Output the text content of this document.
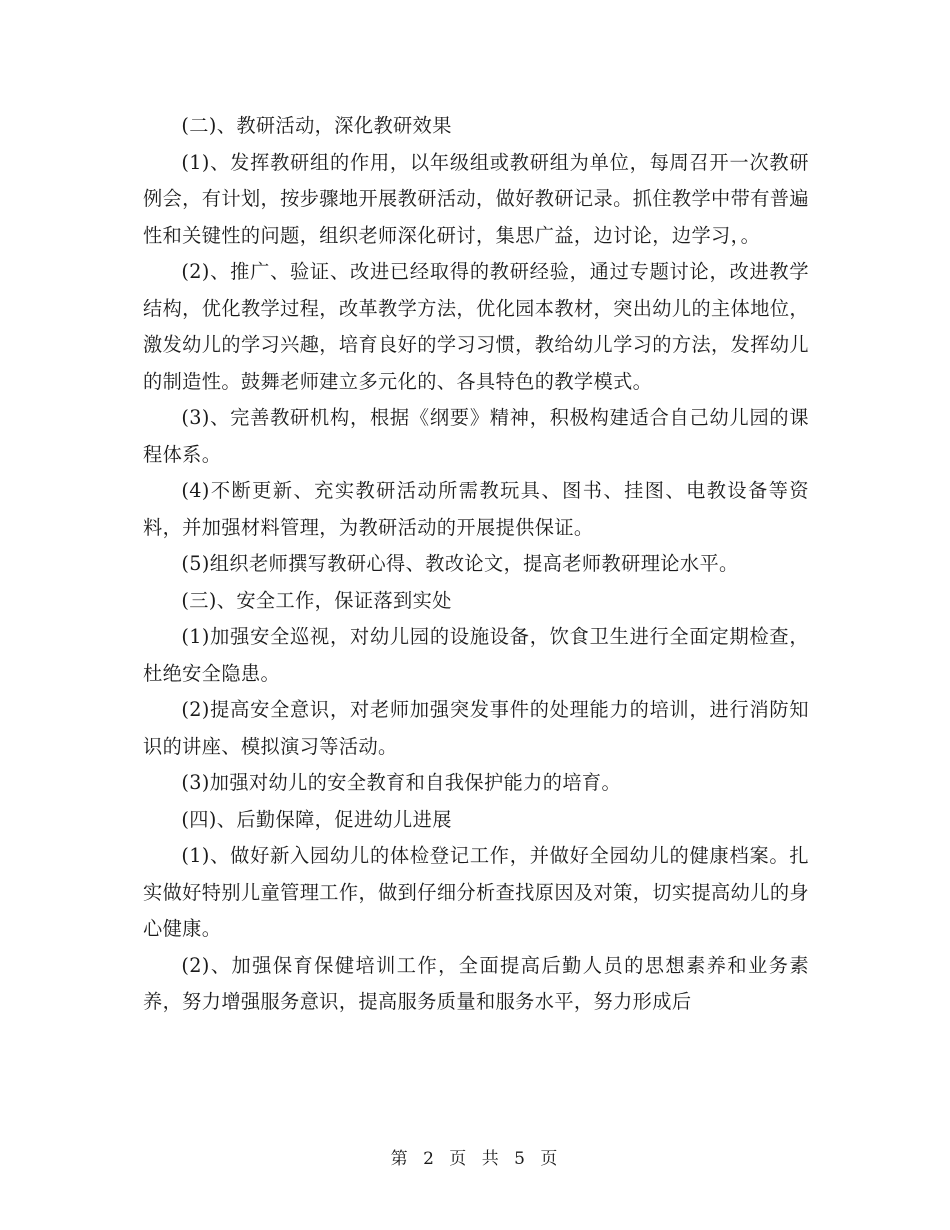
(二)、教研活动，深化教研效果

(1)、发挥教研组的作用，以年级组或教研组为单位，每周召开一次教研例会，有计划，按步骤地开展教研活动，做好教研记录。抓住教学中带有普遍性和关键性的问题，组织老师深化研讨，集思广益，边讨论，边学习，。

(2)、推广、验证、改进已经取得的教研经验，通过专题讨论，改进教学结构，优化教学过程，改革教学方法，优化园本教材，突出幼儿的主体地位，激发幼儿的学习兴趣，培育良好的学习习惯，教给幼儿学习的方法，发挥幼儿的制造性。鼓舞老师建立多元化的、各具特色的教学模式。

(3)、完善教研机构，根据《纲要》精神，积极构建适合自己幼儿园的课程体系。

(4)不断更新、充实教研活动所需教玩具、图书、挂图、电教设备等资料，并加强材料管理，为教研活动的开展提供保证。

(5)组织老师撰写教研心得、教改论文，提高老师教研理论水平。

(三)、安全工作，保证落到实处

(1)加强安全巡视，对幼儿园的设施设备，饮食卫生进行全面定期检查，杜绝安全隐患。

(2)提高安全意识，对老师加强突发事件的处理能力的培训，进行消防知识的讲座、模拟演习等活动。

(3)加强对幼儿的安全教育和自我保护能力的培育。

(四)、后勤保障，促进幼儿进展

(1)、做好新入园幼儿的体检登记工作，并做好全园幼儿的健康档案。扎实做好特别儿童管理工作，做到仔细分析查找原因及对策，切实提高幼儿的身心健康。

(2)、加强保育保健培训工作，全面提高后勤人员的思想素养和业务素养，努力增强服务意识，提高服务质量和服务水平，努力形成后

第 2 页 共 5 页
